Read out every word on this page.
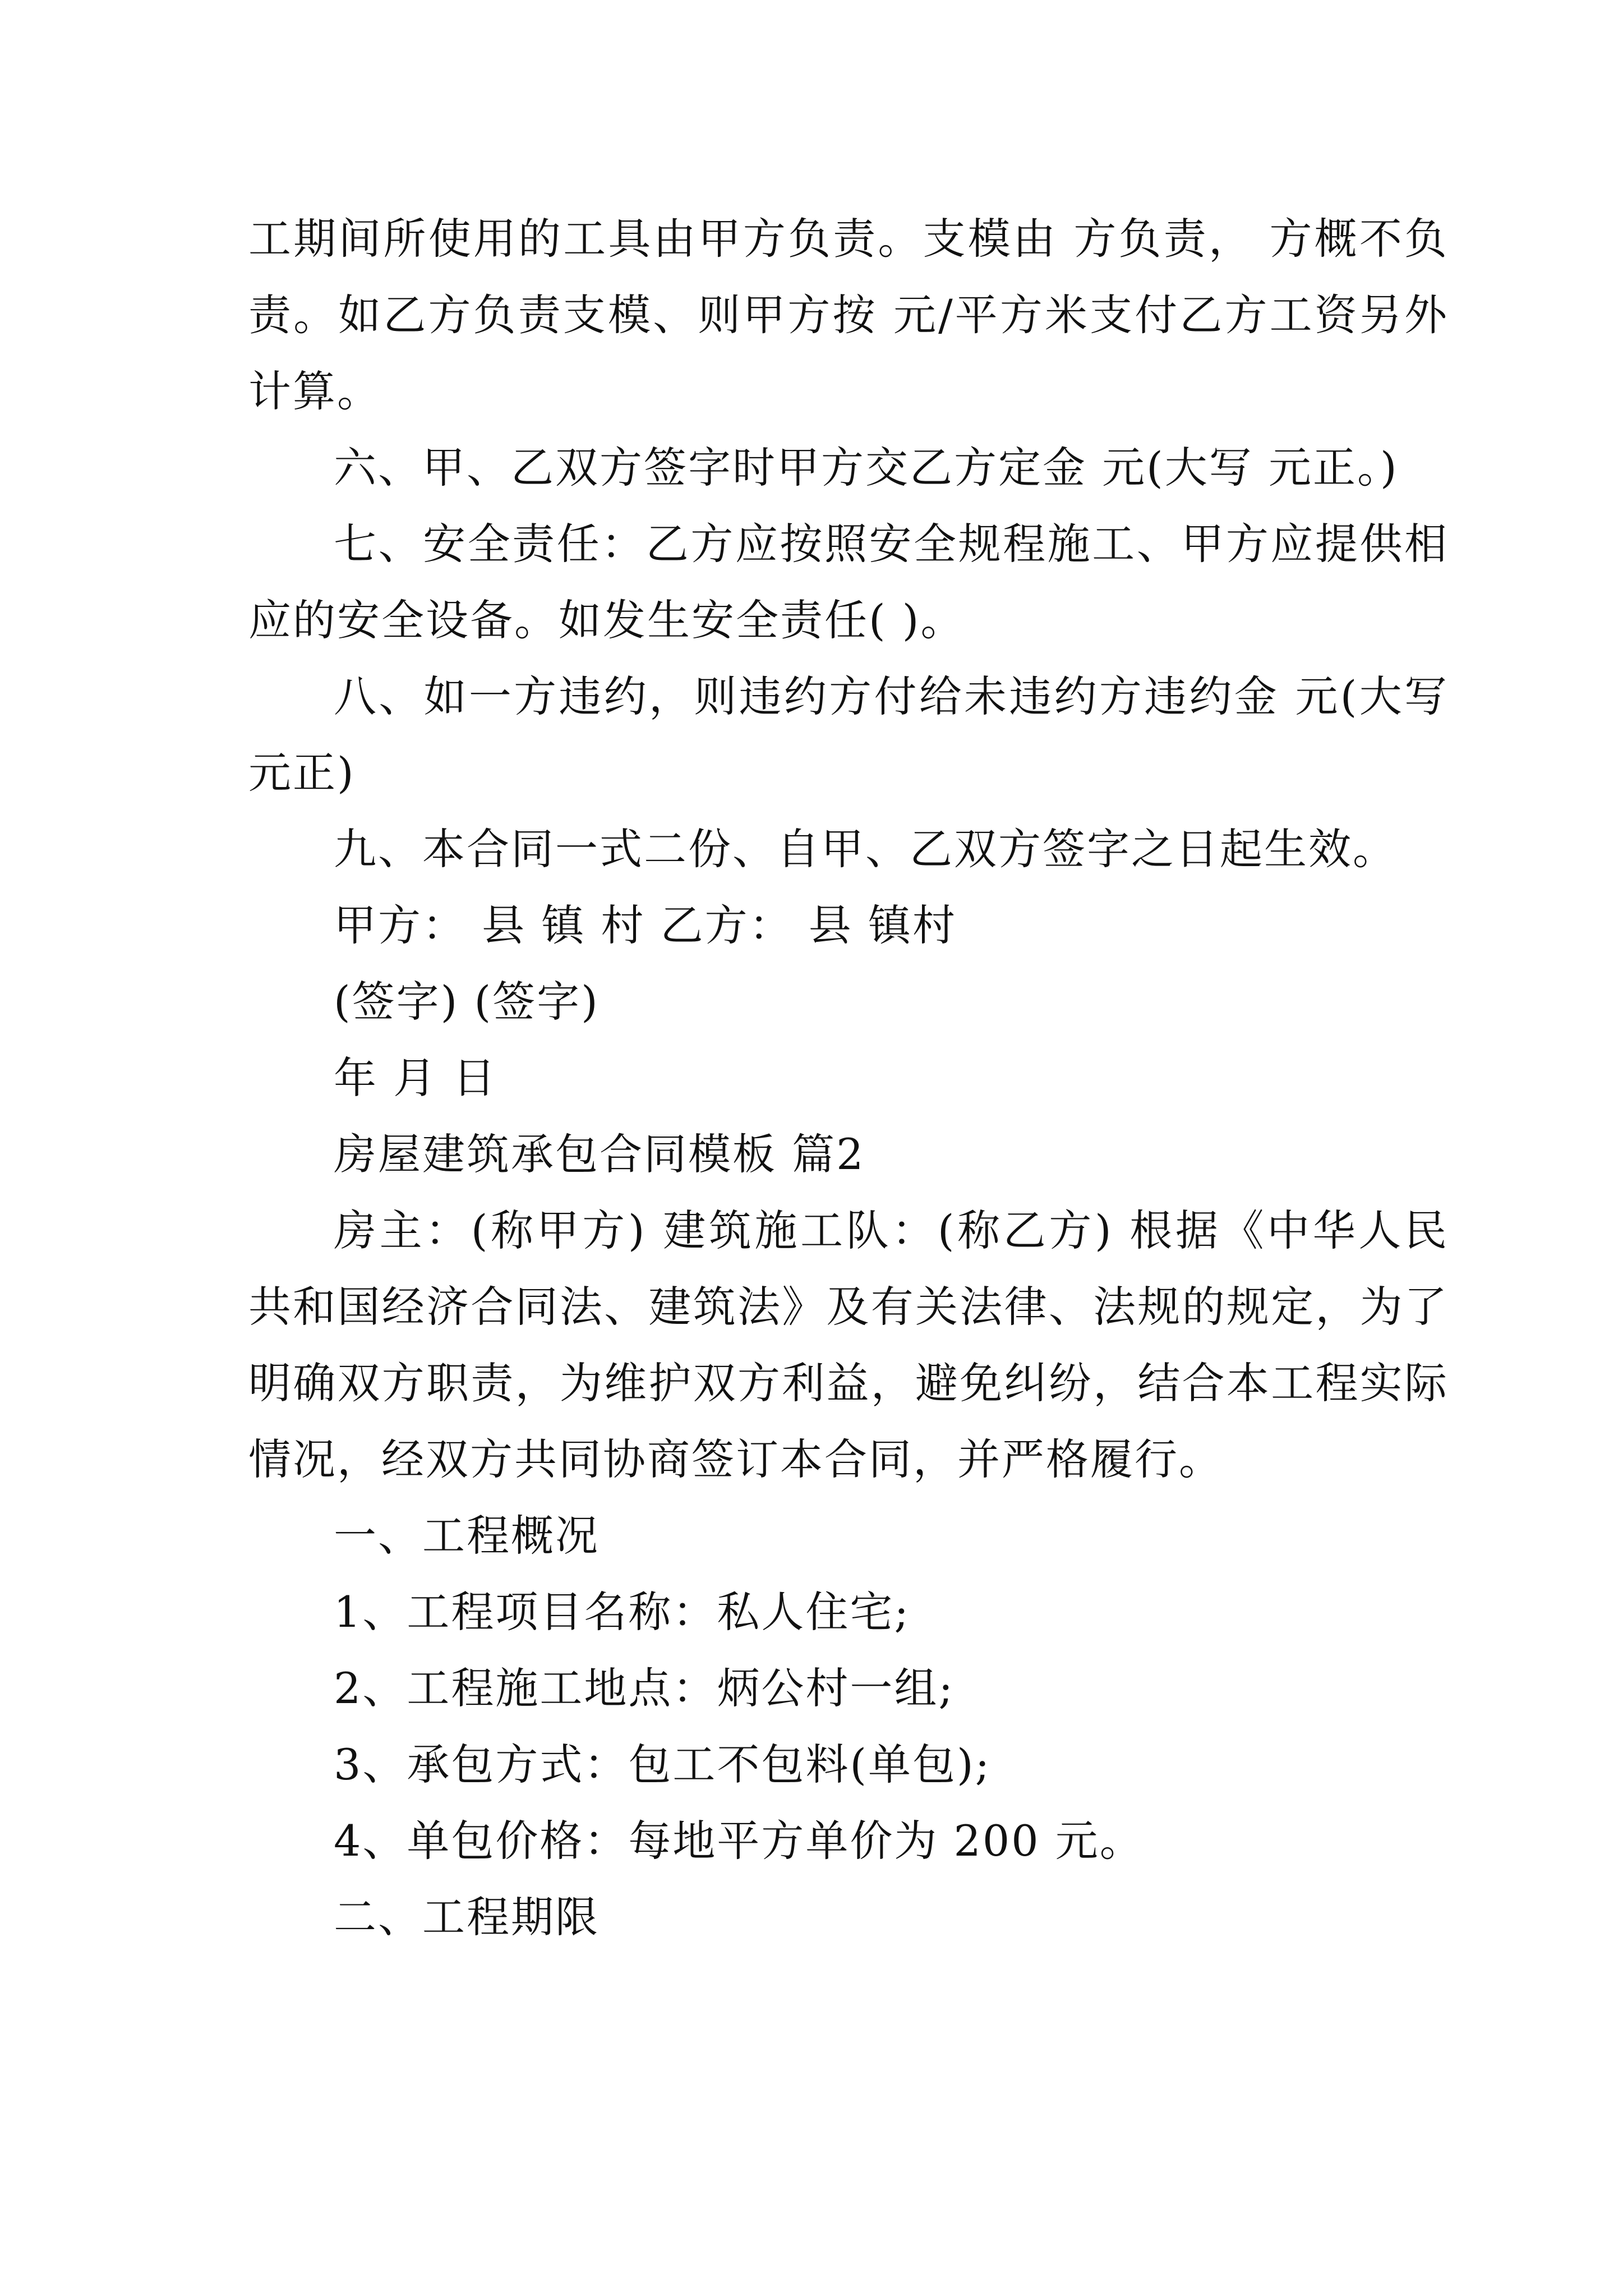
工期间所使用的工具由甲方负责。支模由 方负责， 方概不负责。如乙方负责支模、则甲方按 元/平方米支付乙方工资另外计算。

六、甲、乙双方签字时甲方交乙方定金 元(大写 元正。)

七、安全责任：乙方应按照安全规程施工、甲方应提供相应的安全设备。如发生安全责任( )。

八、如一方违约，则违约方付给未违约方违约金 元(大写 元正)

九、本合同一式二份、自甲、乙双方签字之日起生效。

甲方： 县 镇 村 乙方： 县 镇村

(签字) (签字)

年 月 日

房屋建筑承包合同模板 篇2

房主：(称甲方) 建筑施工队：(称乙方) 根据《中华人民共和国经济合同法、建筑法》及有关法律、法规的规定，为了明确双方职责，为维护双方利益，避免纠纷，结合本工程实际情况，经双方共同协商签订本合同，并严格履行。

一、工程概况

1、工程项目名称：私人住宅;

2、工程施工地点：炳公村一组;

3、承包方式：包工不包料(单包);

4、单包价格：每地平方单价为 200 元。

二、工程期限
